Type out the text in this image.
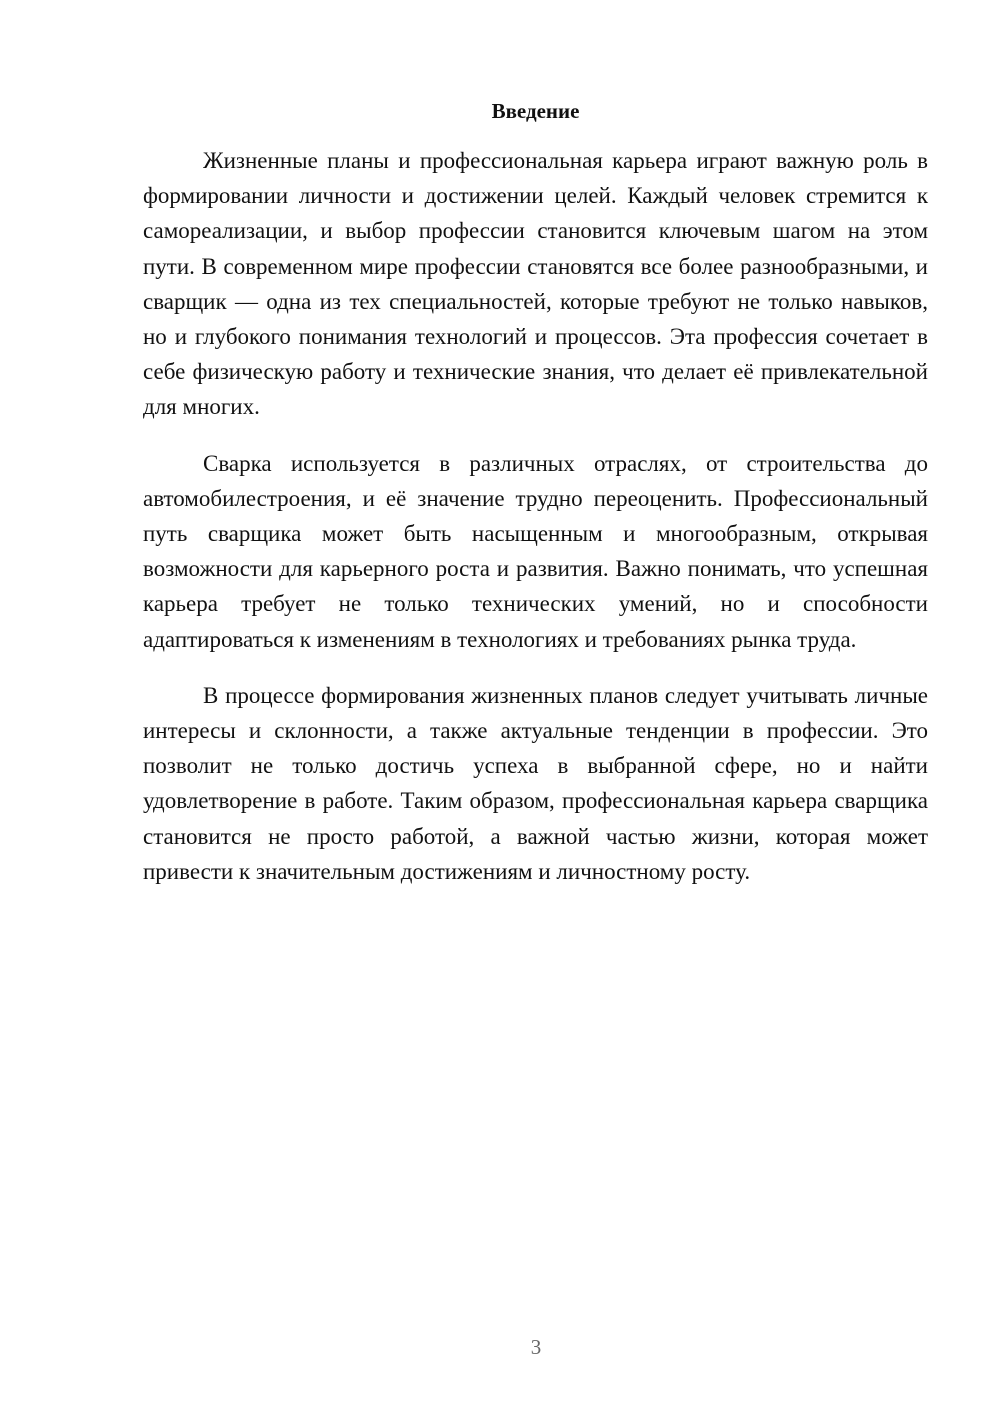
Введение

Жизненные планы и профессиональная карьера играют важную роль в формировании личности и достижении целей. Каждый человек стремится к самореализации, и выбор профессии становится ключевым шагом на этом пути. В современном мире профессии становятся все более разнообразными, и сварщик — одна из тех специальностей, которые требуют не только навыков, но и глубокого понимания технологий и процессов. Эта профессия сочетает в себе физическую работу и технические знания, что делает её привлекательной для многих.

Сварка используется в различных отраслях, от строительства до автомобилестроения, и её значение трудно переоценить. Профессиональный путь сварщика может быть насыщенным и многообразным, открывая возможности для карьерного роста и развития. Важно понимать, что успешная карьера требует не только технических умений, но и способности адаптироваться к изменениям в технологиях и требованиях рынка труда.

В процессе формирования жизненных планов следует учитывать личные интересы и склонности, а также актуальные тенденции в профессии. Это позволит не только достичь успеха в выбранной сфере, но и найти удовлетворение в работе. Таким образом, профессиональная карьера сварщика становится не просто работой, а важной частью жизни, которая может привести к значительным достижениям и личностному росту.

3
